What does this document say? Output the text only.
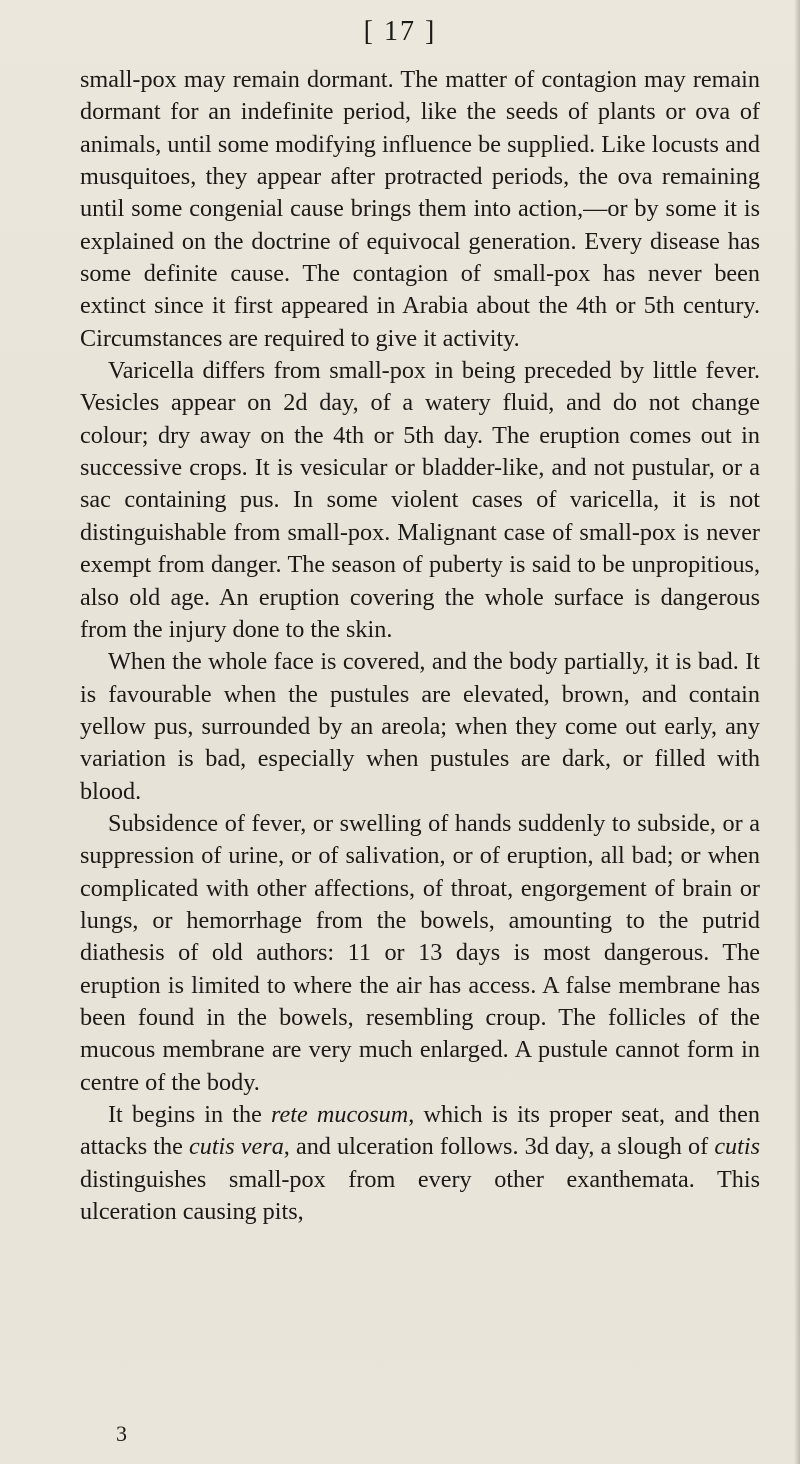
[ 17 ]

small-pox may remain dormant. The matter of contagion may remain dormant for an indefinite period, like the seeds of plants or ova of animals, until some modifying influence be supplied. Like locusts and musquitoes, they appear after protracted periods, the ova remaining until some congenial cause brings them into action,—or by some it is explained on the doctrine of equivocal generation. Every disease has some definite cause. The contagion of small-pox has never been extinct since it first appeared in Arabia about the 4th or 5th century. Circumstances are required to give it activity.

Varicella differs from small-pox in being preceded by little fever. Vesicles appear on 2d day, of a watery fluid, and do not change colour; dry away on the 4th or 5th day. The eruption comes out in successive crops. It is vesicular or bladder-like, and not pustular, or a sac containing pus. In some violent cases of varicella, it is not distinguishable from small-pox. Malignant case of small-pox is never exempt from danger. The season of puberty is said to be unpropitious, also old age. An eruption covering the whole surface is dangerous from the injury done to the skin.

When the whole face is covered, and the body partially, it is bad. It is favourable when the pustules are elevated, brown, and contain yellow pus, surrounded by an areola; when they come out early, any variation is bad, especially when pustules are dark, or filled with blood.

Subsidence of fever, or swelling of hands suddenly to subside, or a suppression of urine, or of salivation, or of eruption, all bad; or when complicated with other affections, of throat, engorgement of brain or lungs, or hemorrhage from the bowels, amounting to the putrid diathesis of old authors: 11 or 13 days is most dangerous. The eruption is limited to where the air has access. A false membrane has been found in the bowels, resembling croup. The follicles of the mucous membrane are very much enlarged. A pustule cannot form in centre of the body.

It begins in the rete mucosum, which is its proper seat, and then attacks the cutis vera, and ulceration follows. 3d day, a slough of cutis distinguishes small-pox from every other exanthemata. This ulceration causing pits,

3
